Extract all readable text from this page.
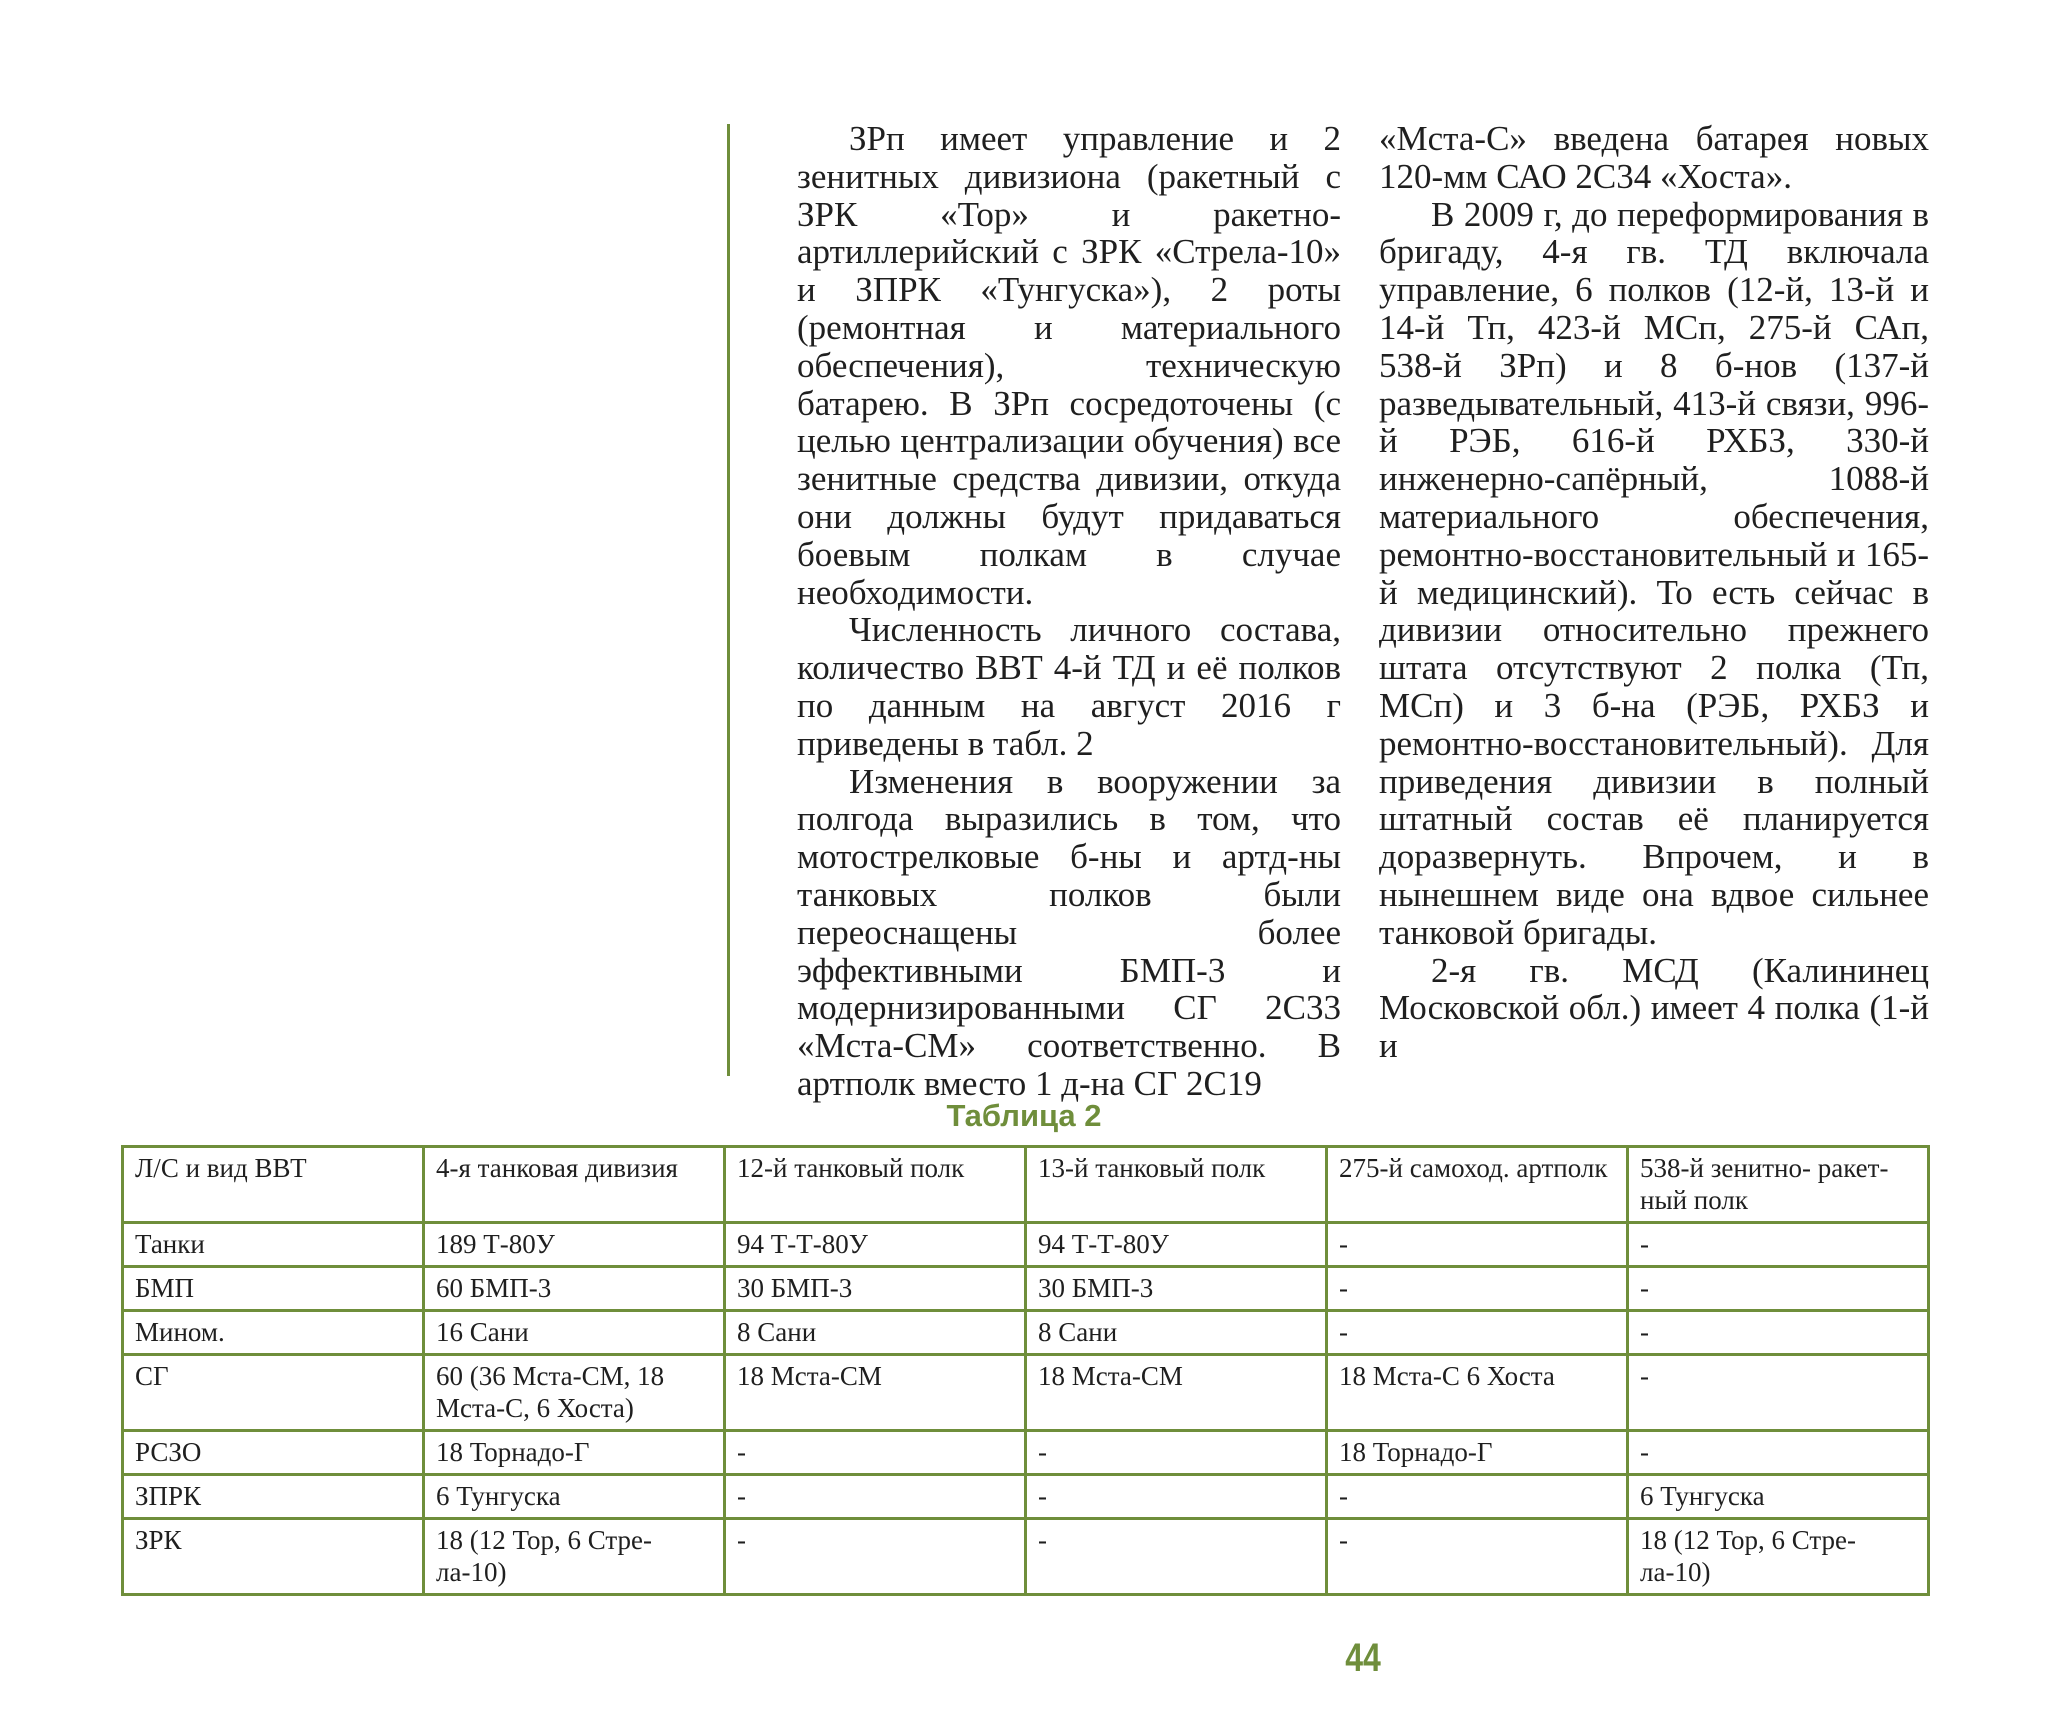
ЗРп имеет управление и 2 зенитных дивизиона (ракетный с ЗРК «Тор» и ракетно-артиллерийский с ЗРК «Стрела-10» и ЗПРК «Тунгуска»), 2 роты (ремонтная и материального обеспечения), техническую батарею. В ЗРп сосредоточены (с целью централизации обучения) все зенитные средства дивизии, откуда они должны будут придаваться боевым полкам в случае необходимости.

Численность личного состава, количество ВВТ 4-й ТД и её полков по данным на август 2016 г приведены в табл. 2

Изменения в вооружении за полгода выразились в том, что мотострелковые б-ны и артд-ны танковых полков были переоснащены более эффективными БМП-3 и модернизированными СГ 2С33 «Мста-СМ» соответственно. В артполк вместо 1 д-на СГ 2С19

«Мста-С» введена батарея новых 120-мм САО 2С34 «Хоста».

В 2009 г, до переформирования в бригаду, 4-я гв. ТД включала управление, 6 полков (12-й, 13-й и 14-й Тп, 423-й МСп, 275-й САп, 538-й ЗРп) и 8 б-нов (137-й разведывательный, 413-й связи, 996-й РЭБ, 616-й РХБЗ, 330-й инженерно-сапёрный, 1088-й материального обеспечения, ремонтно-восстановительный и 165-й медицинский). То есть сейчас в дивизии относительно прежнего штата отсутствуют 2 полка (Тп, МСп) и 3 б-на (РЭБ, РХБЗ и ремонтно-восстановительный). Для приведения дивизии в полный штатный состав её планируется доразвернуть. Впрочем, и в нынешнем виде она вдвое сильнее танковой бригады.

2-я гв. МСД (Калининец Московской обл.) имеет 4 полка (1-й и

Таблица 2
Л/С и вид ВВТ	4-я танковая дивизия	12-й танковый полк	13-й танковый полк	275-й самоход. артполк	538-й зенитно- ракетный полк
Танки	189 Т-80У	94 Т-Т-80У	94 Т-Т-80У	-	-
БМП	60 БМП-3	30 БМП-3	30 БМП-3	-	-
Мином.	16 Сани	8 Сани	8 Сани	-	-
СГ	60 (36 Мста-СМ, 18 Мста-С, 6 Хоста)	18 Мста-СМ	18 Мста-СМ	18 Мста-С 6 Хоста	-
РСЗО	18 Торнадо-Г	-	-	18 Торнадо-Г	-
ЗПРК	6 Тунгуска	-	-	-	6 Тунгуска
ЗРК	18 (12 Тор, 6 Стрела-10)	-	-	-	18 (12 Тор, 6 Стрела-10)
44
